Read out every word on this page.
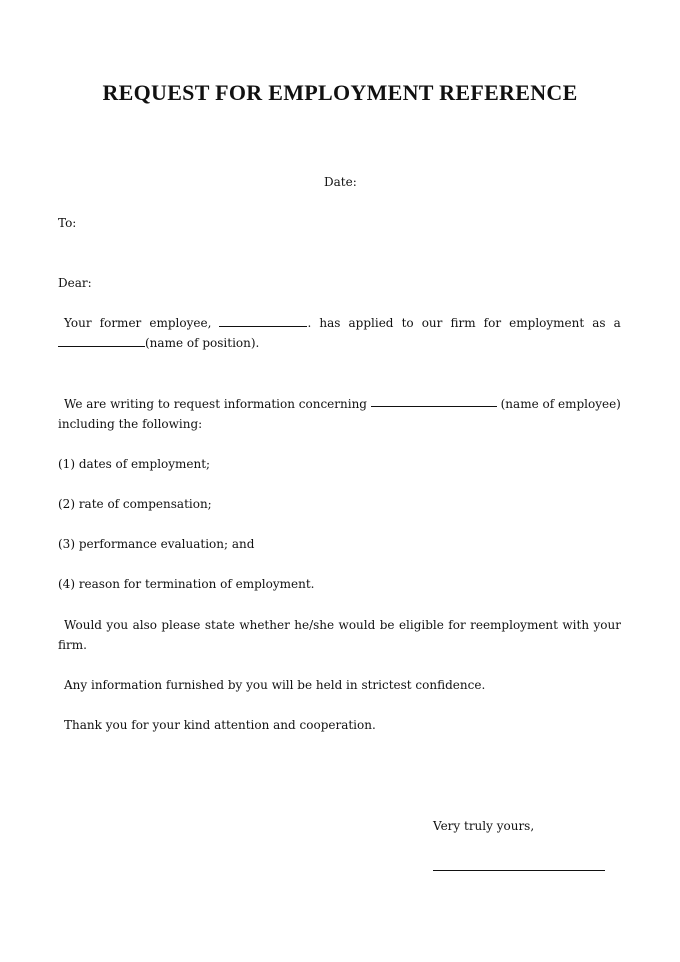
REQUEST FOR EMPLOYMENT REFERENCE
Date:
To:
Dear:
Your former employee,	. has applied to our firm for employment as a
(name of position).
We are writing to request information concerning	(name of employee)
including the following:
(1) dates of employment;
(2) rate of compensation;
(3) performance evaluation; and
(4) reason for termination of employment.
Would you also please state whether he/she would be eligible for reemployment with your
firm.
Any information furnished by you will be held in strictest confidence.
Thank you for your kind attention and cooperation.
Very truly yours,
